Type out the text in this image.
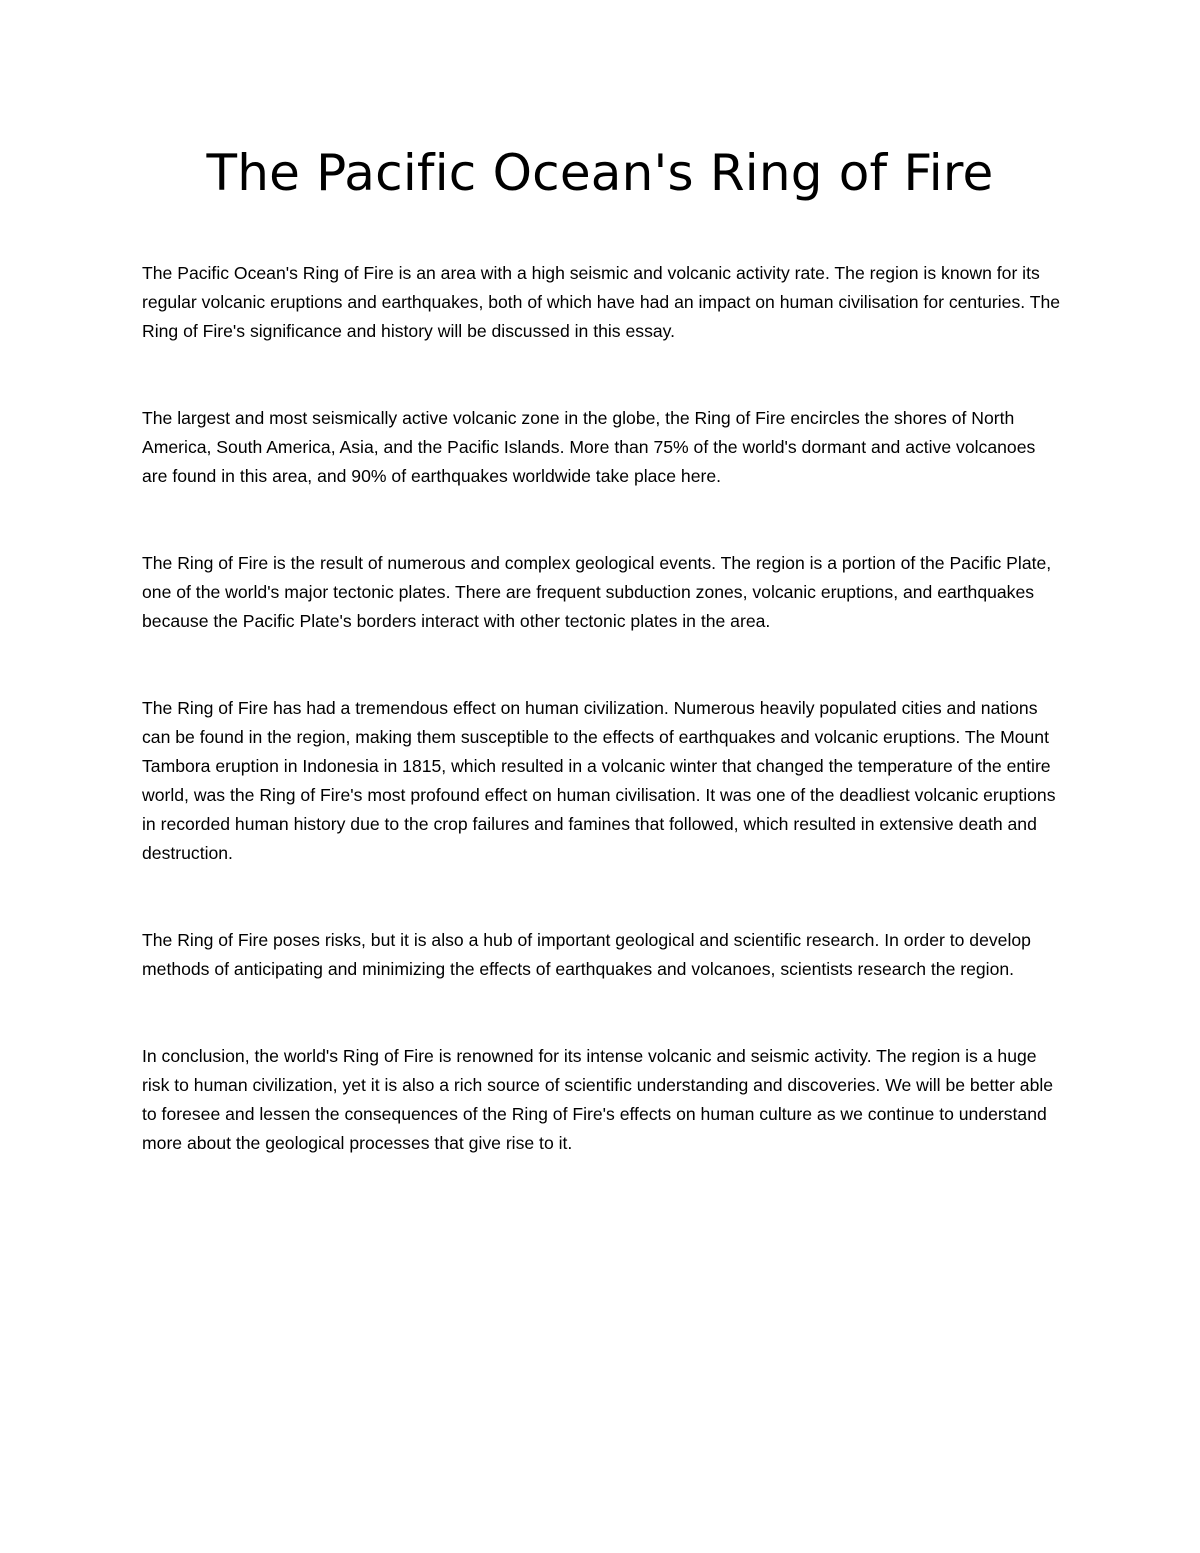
The Pacific Ocean's Ring of Fire

The Pacific Ocean's Ring of Fire is an area with a high seismic and volcanic activity rate. The region is known for its regular volcanic eruptions and earthquakes, both of which have had an impact on human civilisation for centuries. The Ring of Fire's significance and history will be discussed in this essay.

The largest and most seismically active volcanic zone in the globe, the Ring of Fire encircles the shores of North America, South America, Asia, and the Pacific Islands. More than 75% of the world's dormant and active volcanoes are found in this area, and 90% of earthquakes worldwide take place here.

The Ring of Fire is the result of numerous and complex geological events. The region is a portion of the Pacific Plate, one of the world's major tectonic plates. There are frequent subduction zones, volcanic eruptions, and earthquakes because the Pacific Plate's borders interact with other tectonic plates in the area.

The Ring of Fire has had a tremendous effect on human civilization. Numerous heavily populated cities and nations can be found in the region, making them susceptible to the effects of earthquakes and volcanic eruptions. The Mount Tambora eruption in Indonesia in 1815, which resulted in a volcanic winter that changed the temperature of the entire world, was the Ring of Fire's most profound effect on human civilisation. It was one of the deadliest volcanic eruptions in recorded human history due to the crop failures and famines that followed, which resulted in extensive death and destruction.

The Ring of Fire poses risks, but it is also a hub of important geological and scientific research. In order to develop methods of anticipating and minimizing the effects of earthquakes and volcanoes, scientists research the region.

In conclusion, the world's Ring of Fire is renowned for its intense volcanic and seismic activity. The region is a huge risk to human civilization, yet it is also a rich source of scientific understanding and discoveries. We will be better able to foresee and lessen the consequences of the Ring of Fire's effects on human culture as we continue to understand more about the geological processes that give rise to it.
